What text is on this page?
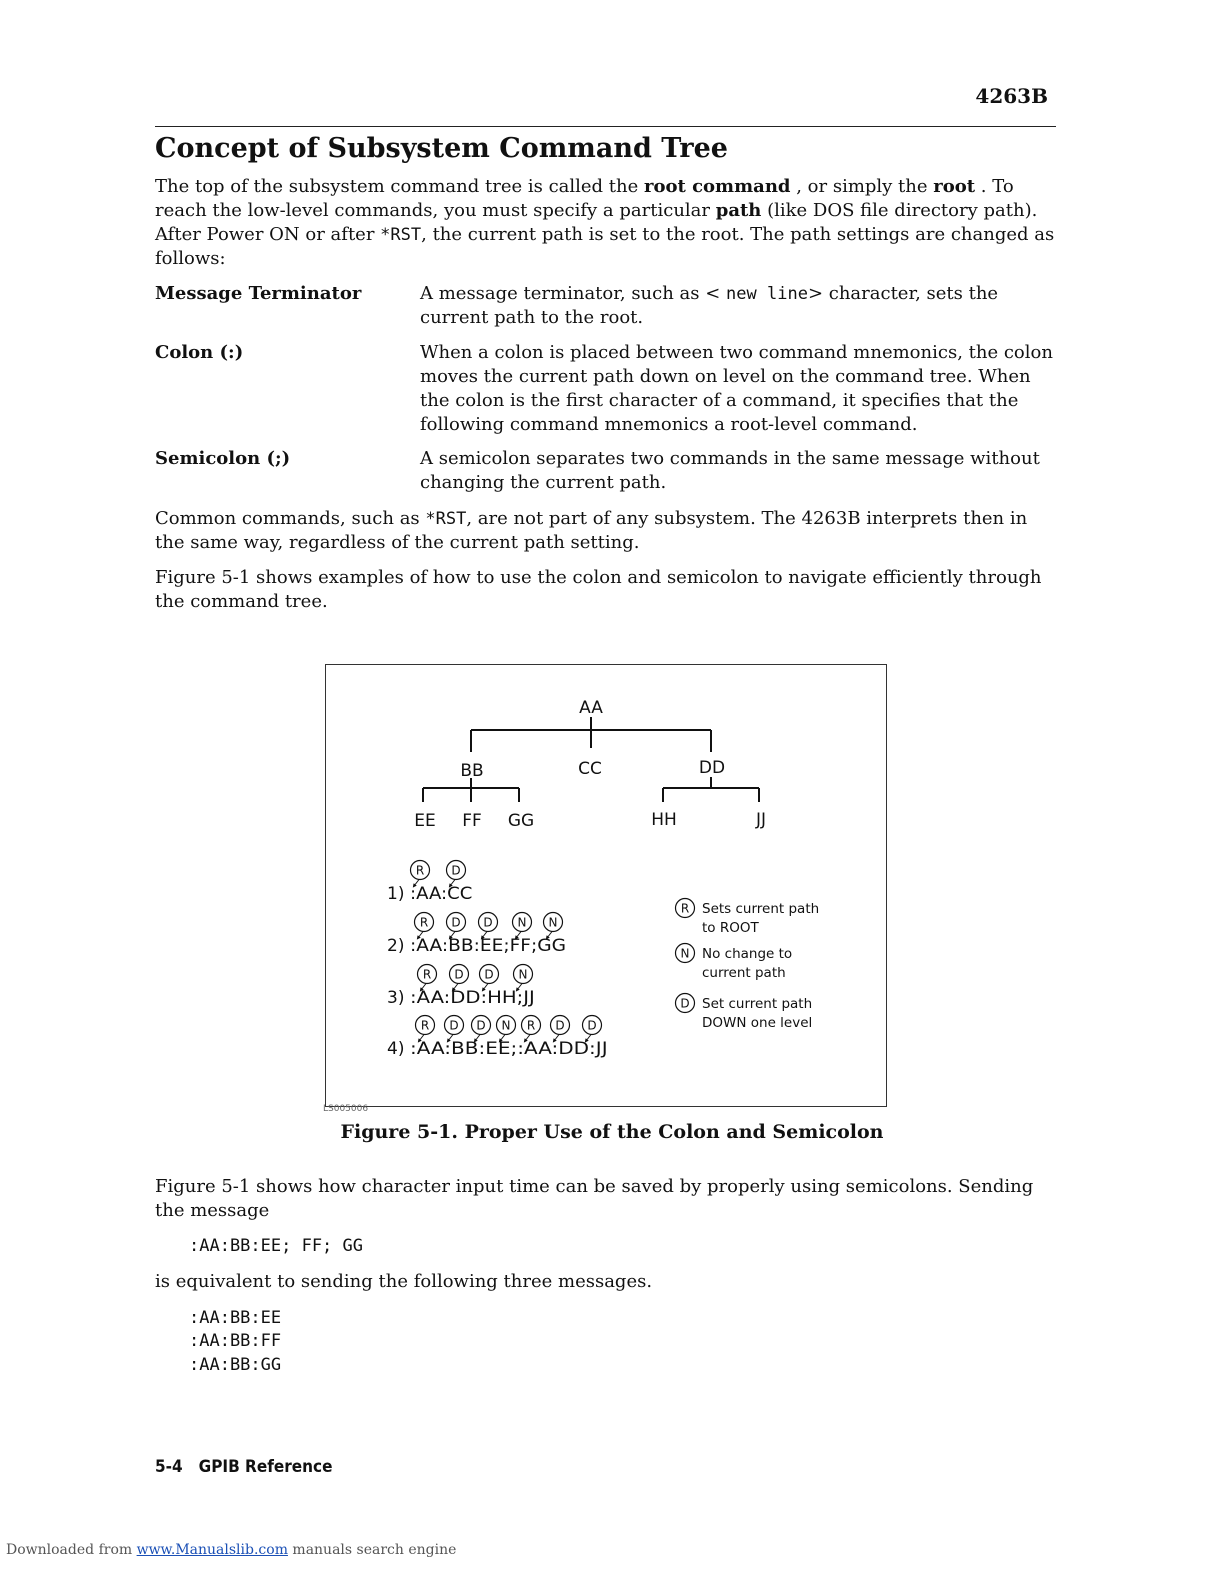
4263B
Concept of Subsystem Command Tree
The top of the subsystem command tree is called the root command , or simply the root . To reach the low-level commands, you must specify a particular path (like DOS file directory path). After Power ON or after *RST, the current path is set to the root. The path settings are changed as follows:
Message Terminator	A message terminator, such as < new line> character, sets the current path to the root.
Colon (:)	When a colon is placed between two command mnemonics, the colon moves the current path down on level on the command tree. When the colon is the first character of a command, it specifies that the following command mnemonics a root-level command.
Semicolon (;)	A semicolon separates two commands in the same message without changing the current path.
Common commands, such as *RST, are not part of any subsystem. The 4263B interprets then in the same way, regardless of the current path setting.
Figure 5-1 shows examples of how to use the colon and semicolon to navigate efficiently through the command tree.
AA
BB	CC	DD
EE FF GG	HH	JJ
1) :AA:CC
R D
2) :AA:BB:EE;FF;GG
R D D N N
3) :AA:DD:HH;JJ
R D D N
4) :AA:BB:EE;:AA:DD:JJ
R D D N R D D
R Sets current path
to ROOT
N No change to
current path
D Set current path
DOWN one level
LS005006
Figure 5-1. Proper Use of the Colon and Semicolon
Figure 5-1 shows how character input time can be saved by properly using semicolons. Sending the message
:AA:BB:EE; FF; GG
is equivalent to sending the following three messages.
:AA:BB:EE
:AA:BB:FF
:AA:BB:GG
5-4 GPIB Reference
Downloaded from www.Manualslib.com manuals search engine
